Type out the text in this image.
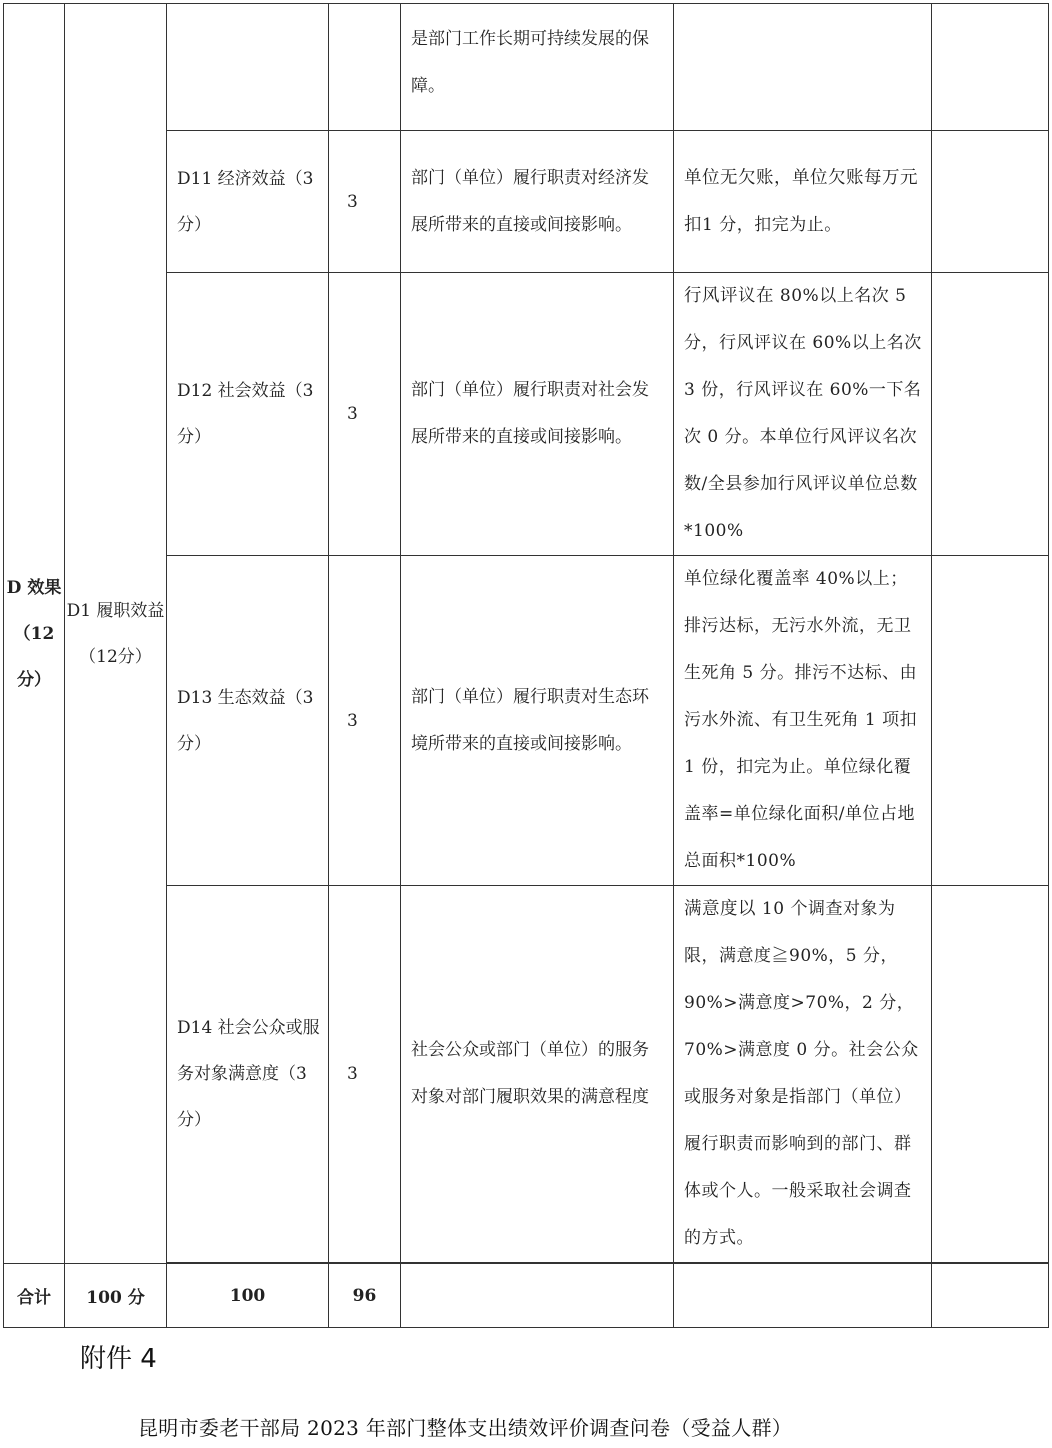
D 效果（12分）	D1 履职效益（12分）			是部门工作长期可持续发展的保障。		
		D11 经济效益（3分）	3	部门（单位）履行职责对经济发展所带来的直接或间接影响。	单位无欠账，单位欠账每万元扣1 分，扣完为止。	
		D12 社会效益（3分）	3	部门（单位）履行职责对社会发展所带来的直接或间接影响。	行风评议在 80%以上名次 5 分，行风评议在 60%以上名次 3 份，行风评议在 60%一下名次 0 分。本单位行风评议名次数/全县参加行风评议单位总数*100%	
		D13 生态效益（3分）	3	部门（单位）履行职责对生态环境所带来的直接或间接影响。	单位绿化覆盖率 40%以上；排污达标，无污水外流，无卫生死角 5 分。排污不达标、由污水外流、有卫生死角 1 项扣 1 份，扣完为止。单位绿化覆盖率=单位绿化面积/单位占地总面积*100%	
		D14 社会公众或服务对象满意度（3分）	3	社会公众或部门（单位）的服务对象对部门履职效果的满意程度	满意度以 10 个调查对象为限，满意度≧90%，5 分，90%>满意度>70%，2 分，70%>满意度 0 分。社会公众或服务对象是指部门（单位）履行职责而影响到的部门、群体或个人。一般采取社会调查的方式。	

合计	100 分	100	96			
附件 4
昆明市委老干部局 2023 年部门整体支出绩效评价调查问卷（受益人群）
